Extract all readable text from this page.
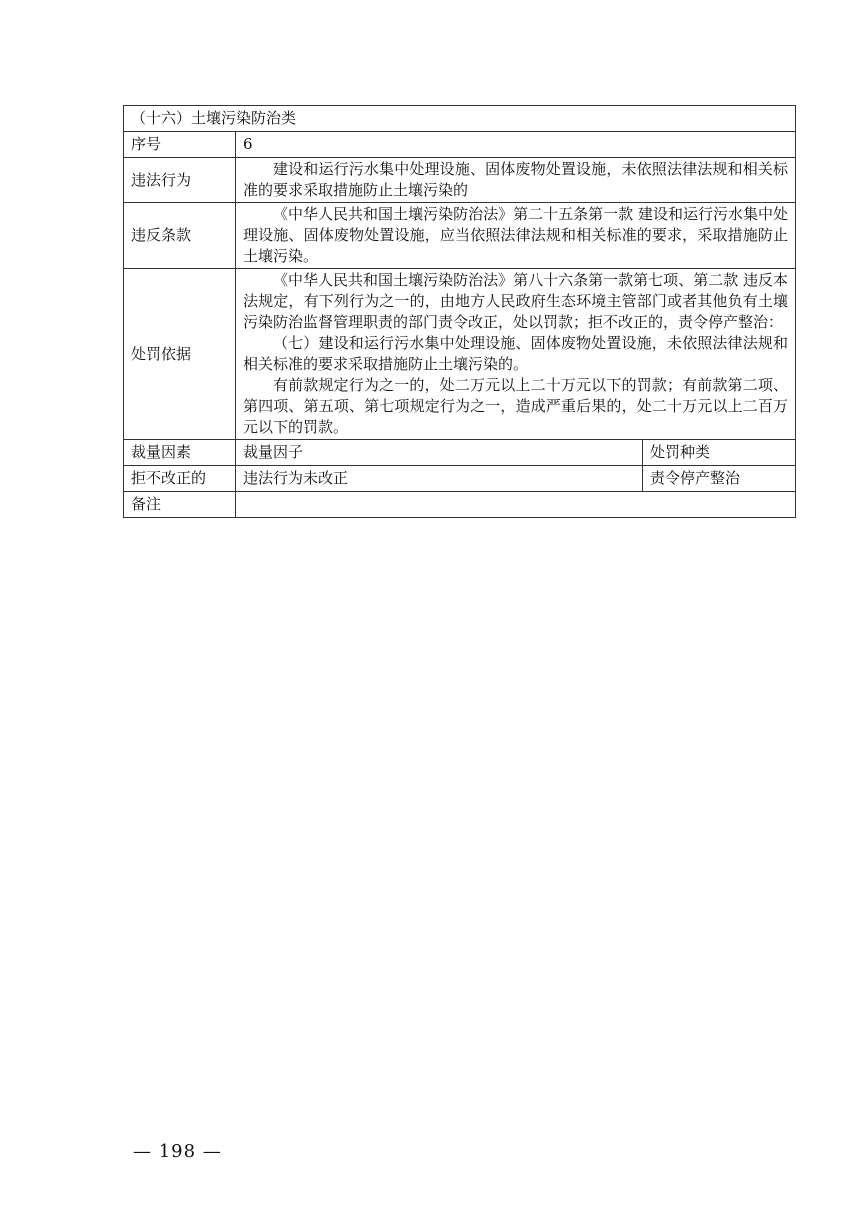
（十六）土壤污染防治类		
序号	6	
违法行为	建设和运行污水集中处理设施、固体废物处置设施，未依照法律法规和相关标准的要求采取措施防止土壤污染的	

违反条款	《中华人民共和国土壤污染防治法》第二十五条第一款 建设和运行污水集中处理设施、固体废物处置设施，应当依照法律法规和相关标准的要求，采取措施防止土壤污染。	

处罚依据	《中华人民共和国土壤污染防治法》第八十六条第一款第七项、第二款 违反本法规定，有下列行为之一的，由地方人民政府生态环境主管部门或者其他负有土壤污染防治监督管理职责的部门责令改正，处以罚款；拒不改正的，责令停产整治：
（七）建设和运行污水集中处理设施、固体废物处置设施，未依照法律法规和相关标准的要求采取措施防止土壤污染的。
有前款规定行为之一的，处二万元以上二十万元以下的罚款；有前款第二项、第四项、第五项、第七项规定行为之一，造成严重后果的，处二十万元以上二百万元以下的罚款。	

裁量因素	裁量因子	处罚种类
拒不改正的	违法行为未改正	责令停产整治
备注		
— 198 —
